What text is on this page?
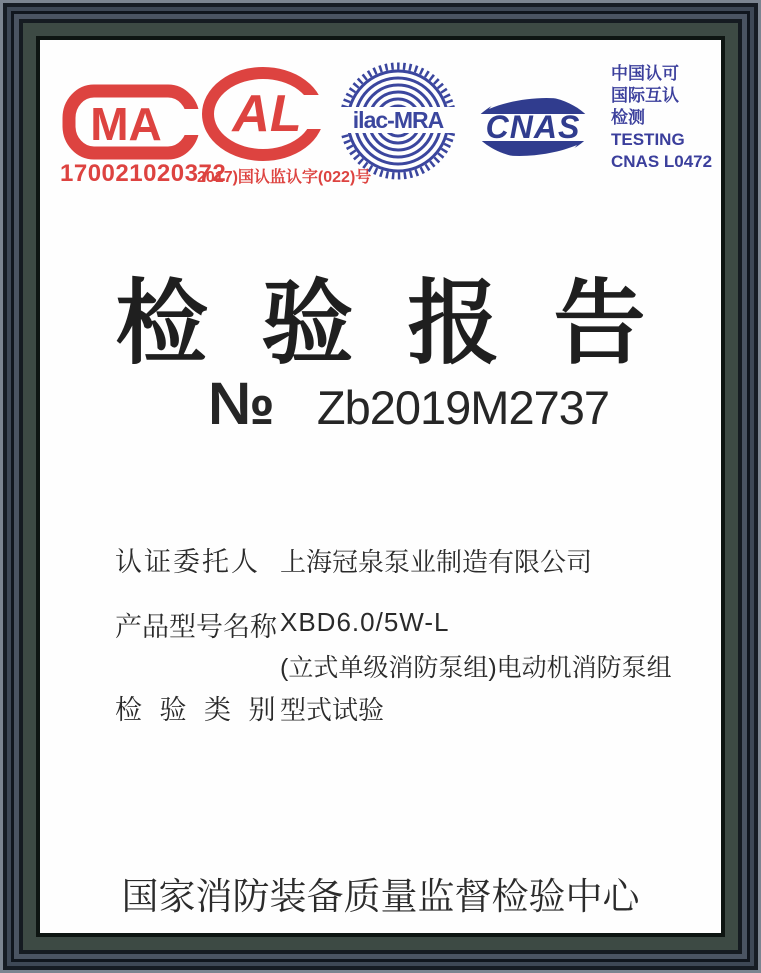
MA
170021020372
AL
2017)国认监认字(022)号
ilac-MRA CNAS
中国认可
国际互认
检测
TESTING
CNAS L0472
检验报告
№ Zb2019M2737
认证委托人 上海冠泉泵业制造有限公司
产品型号名称 XBD6.0/5W-L
(立式单级消防泵组)电动机消防泵组
检 验 类 别 型式试验
国家消防装备质量监督检验中心
